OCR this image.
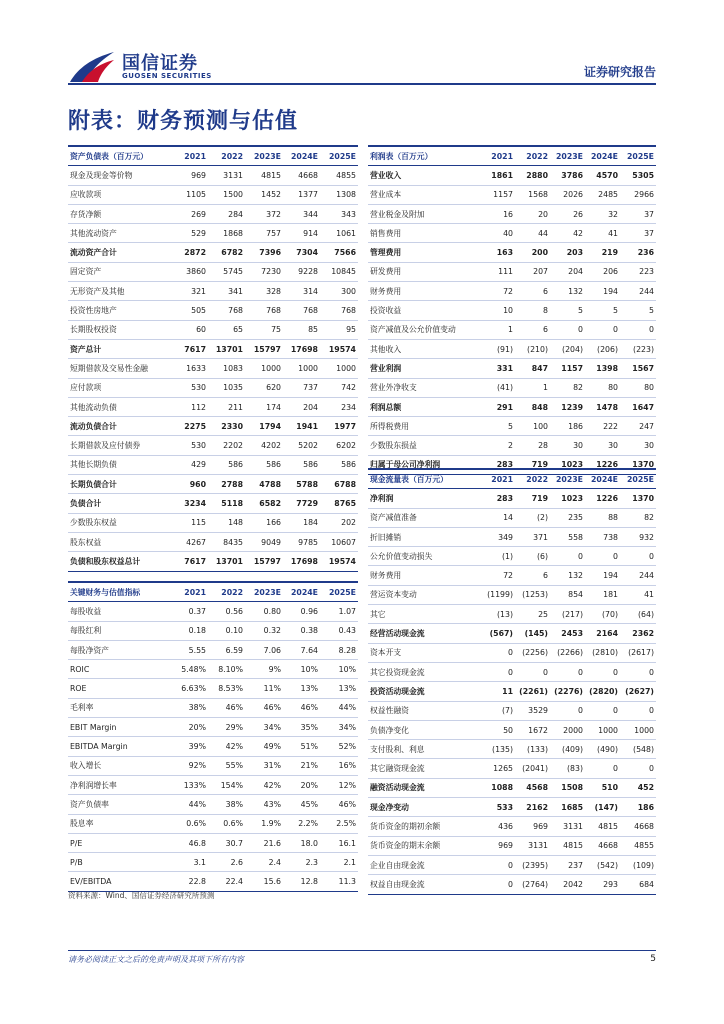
国信证券
GUOSEN SECURITIES	证券研究报告
附表：财务预测与估值
资产负债表（百万元）	2021	2022	2023E	2024E	2025E
现金及现金等价物	969	3131	4815	4668	4855
应收款项	1105	1500	1452	1377	1308
存货净额	269	284	372	344	343
其他流动资产	529	1868	757	914	1061
流动资产合计	2872	6782	7396	7304	7566
固定资产	3860	5745	7230	9228	10845
无形资产及其他	321	341	328	314	300
投资性房地产	505	768	768	768	768
长期股权投资	60	65	75	85	95
资产总计	7617	13701	15797	17698	19574
短期借款及交易性金融	1633	1083	1000	1000	1000
应付款项	530	1035	620	737	742
其他流动负债	112	211	174	204	234
流动负债合计	2275	2330	1794	1941	1977
长期借款及应付债券	530	2202	4202	5202	6202
其他长期负债	429	586	586	586	586
长期负债合计	960	2788	4788	5788	6788
负债合计	3234	5118	6582	7729	8765
少数股东权益	115	148	166	184	202
股东权益	4267	8435	9049	9785	10607
负债和股东权益总计	7617	13701	15797	17698	19574
关键财务与估值指标	2021	2022	2023E	2024E	2025E
每股收益	0.37	0.56	0.80	0.96	1.07
每股红利	0.18	0.10	0.32	0.38	0.43
每股净资产	5.55	6.59	7.06	7.64	8.28
ROIC	5.48%	8.10%	9%	10%	10%
ROE	6.63%	8.53%	11%	13%	13%
毛利率	38%	46%	46%	46%	44%
EBIT Margin	20%	29%	34%	35%	34%
EBITDA Margin	39%	42%	49%	51%	52%
收入增长	92%	55%	31%	21%	16%
净利润增长率	133%	154%	42%	20%	12%
资产负债率	44%	38%	43%	45%	46%
股息率	0.6%	0.6%	1.9%	2.2%	2.5%
P/E	46.8	30.7	21.6	18.0	16.1
P/B	3.1	2.6	2.4	2.3	2.1
EV/EBITDA	22.8	22.4	15.6	12.8	11.3
利润表（百万元）	2021	2022	2023E	2024E	2025E
营业收入	1861	2880	3786	4570	5305
营业成本	1157	1568	2026	2485	2966
营业税金及附加	16	20	26	32	37
销售费用	40	44	42	41	37
管理费用	163	200	203	219	236
研发费用	111	207	204	206	223
财务费用	72	6	132	194	244
投资收益	10	8	5	5	5
资产减值及公允价值变动	1	6	0	0	0
其他收入	(91)	(210)	(204)	(206)	(223)
营业利润	331	847	1157	1398	1567
营业外净收支	(41)	1	82	80	80
利润总额	291	848	1239	1478	1647
所得税费用	5	100	186	222	247
少数股东损益	2	28	30	30	30
归属于母公司净利润	283	719	1023	1226	1370
现金流量表（百万元）	2021	2022	2023E	2024E	2025E
净利润	283	719	1023	1226	1370
资产减值准备	14	(2)	235	88	82
折旧摊销	349	371	558	738	932
公允价值变动损失	(1)	(6)	0	0	0
财务费用	72	6	132	194	244
营运资本变动	(1199)	(1253)	854	181	41
其它	(13)	25	(217)	(70)	(64)
经营活动现金流	(567)	(145)	2453	2164	2362
资本开支	0	(2256)	(2266)	(2810)	(2617)
其它投资现金流	0	0	0	0	0
投资活动现金流	11	(2261)	(2276)	(2820)	(2627)
权益性融资	(7)	3529	0	0	0
负债净变化	50	1672	2000	1000	1000
支付股利、利息	(135)	(133)	(409)	(490)	(548)
其它融资现金流	1265	(2041)	(83)	0	0
融资活动现金流	1088	4568	1508	510	452
现金净变动	533	2162	1685	(147)	186
货币资金的期初余额	436	969	3131	4815	4668
货币资金的期末余额	969	3131	4815	4668	4855
企业自由现金流	0	(2395)	237	(542)	(109)
权益自由现金流	0	(2764)	2042	293	684
资料来源：Wind、国信证券经济研究所预测
请务必阅读正文之后的免责声明及其项下所有内容	5
